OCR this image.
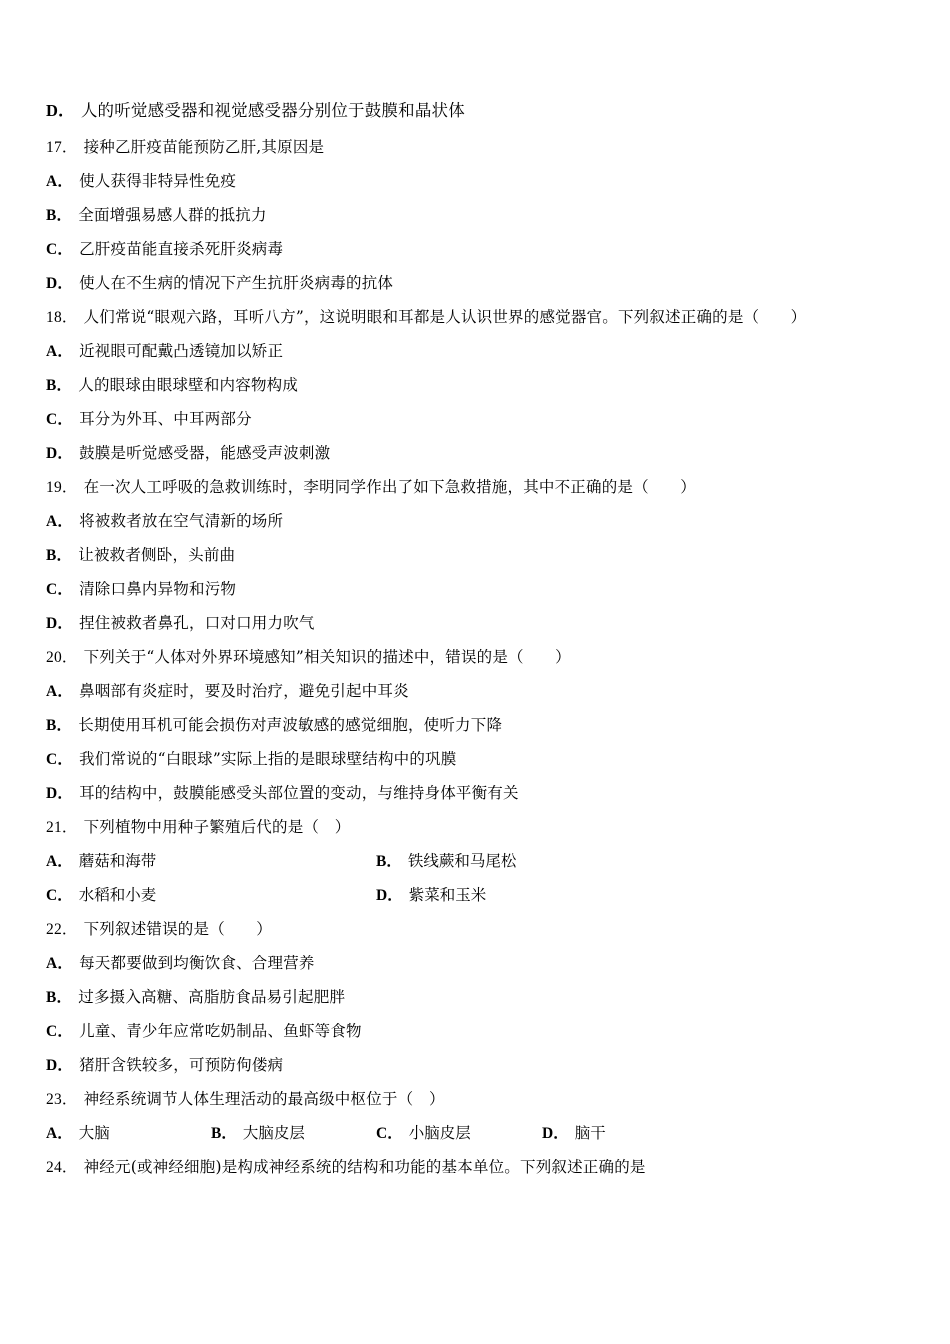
D． 人的听觉感受器和视觉感受器分别位于鼓膜和晶状体
17． 接种乙肝疫苗能预防乙肝,其原因是
A． 使人获得非特异性免疫
B． 全面增强易感人群的抵抗力
C． 乙肝疫苗能直接杀死肝炎病毒
D． 使人在不生病的情况下产生抗肝炎病毒的抗体
18． 人们常说“眼观六路，耳听八方”，这说明眼和耳都是人认识世界的感觉器官。下列叙述正确的是（　　）
A． 近视眼可配戴凸透镜加以矫正
B． 人的眼球由眼球壁和内容物构成
C． 耳分为外耳、中耳两部分
D． 鼓膜是听觉感受器，能感受声波刺激
19． 在一次人工呼吸的急救训练时，李明同学作出了如下急救措施，其中不正确的是（　　）
A． 将被救者放在空气清新的场所
B． 让被救者侧卧，头前曲
C． 清除口鼻内异物和污物
D． 捏住被救者鼻孔，口对口用力吹气
20． 下列关于“人体对外界环境感知”相关知识的描述中，错误的是（　　）
A． 鼻咽部有炎症时，要及时治疗，避免引起中耳炎
B． 长期使用耳机可能会损伤对声波敏感的感觉细胞，使听力下降
C． 我们常说的“白眼球”实际上指的是眼球壁结构中的巩膜
D． 耳的结构中，鼓膜能感受头部位置的变动，与维持身体平衡有关
21． 下列植物中用种子繁殖后代的是（　）
A． 蘑菇和海带	B． 铁线蕨和马尾松
C． 水稻和小麦	D． 紫菜和玉米
22． 下列叙述错误的是（　　）
A． 每天都要做到均衡饮食、合理营养
B． 过多摄入高糖、高脂肪食品易引起肥胖
C． 儿童、青少年应常吃奶制品、鱼虾等食物
D． 猪肝含铁较多，可预防佝偻病
23． 神经系统调节人体生理活动的最高级中枢位于（　）
A． 大脑	B． 大脑皮层	C． 小脑皮层	D． 脑干
24． 神经元(或神经细胞)是构成神经系统的结构和功能的基本单位。下列叙述正确的是
